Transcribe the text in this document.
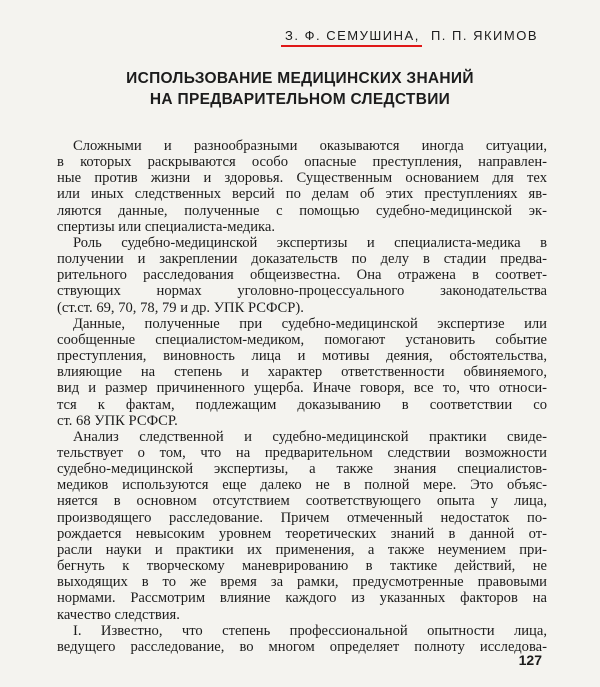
З. Ф. СЕМУШИНА, П. П. ЯКИМОВ
ИСПОЛЬЗОВАНИЕ МЕДИЦИНСКИХ ЗНАНИЙ
НА ПРЕДВАРИТЕЛЬНОМ СЛЕДСТВИИ
Сложными и разнообразными оказываются иногда ситуации,
в которых раскрываются особо опасные преступления, направлен-
ные против жизни и здоровья. Существенным основанием для тех
или иных следственных версий по делам об этих преступлениях яв-
ляются данные, полученные с помощью судебно-медицинской эк-
спертизы или специалиста-медика.
Роль судебно-медицинской экспертизы и специалиста-медика в
получении и закреплении доказательств по делу в стадии предва-
рительного расследования общеизвестна. Она отражена в соответ-
ствующих нормах уголовно-процессуального законодательства
(ст.ст. 69, 70, 78, 79 и др. УПК РСФСР).
Данные, полученные при судебно-медицинской экспертизе или
сообщенные специалистом-медиком, помогают установить событие
преступления, виновность лица и мотивы деяния, обстоятельства,
влияющие на степень и характер ответственности обвиняемого,
вид и размер причиненного ущерба. Иначе говоря, все то, что относи-
тся к фактам, подлежащим доказыванию в соответствии со
ст. 68 УПК РСФСР.
Анализ следственной и судебно-медицинской практики свиде-
тельствует о том, что на предварительном следствии возможности
судебно-медицинской экспертизы, а также знания специалистов-
медиков используются еще далеко не в полной мере. Это объяс-
няется в основном отсутствием соответствующего опыта у лица,
производящего расследование. Причем отмеченный недостаток по-
рождается невысоким уровнем теоретических знаний в данной от-
расли науки и практики их применения, а также неумением при-
бегнуть к творческому маневрированию в тактике действий, не
выходящих в то же время за рамки, предусмотренные правовыми
нормами. Рассмотрим влияние каждого из указанных факторов на
качество следствия.
I. Известно, что степень профессиональной опытности лица,
ведущего расследование, во многом определяет полноту исследова-
127
